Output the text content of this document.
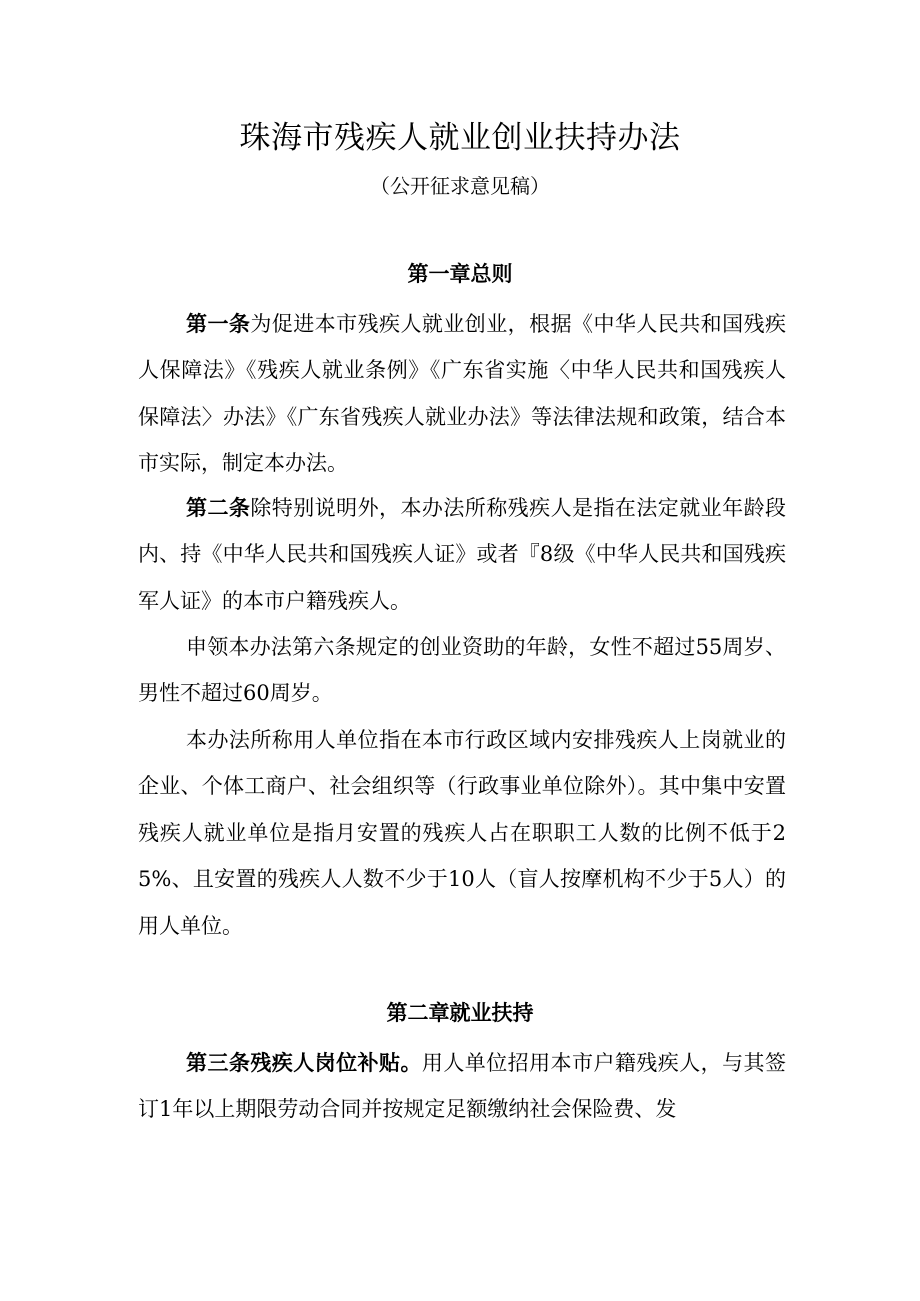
珠海市残疾人就业创业扶持办法
（公开征求意见稿）
第一章总则

第一条为促进本市残疾人就业创业，根据《中华人民共和国残疾人保障法》《残疾人就业条例》《广东省实施〈中华人民共和国残疾人保障法〉办法》《广东省残疾人就业办法》等法律法规和政策，结合本市实际，制定本办法。

第二条除特别说明外，本办法所称残疾人是指在法定就业年龄段内、持《中华人民共和国残疾人证》或者『8级《中华人民共和国残疾军人证》的本市户籍残疾人。

申领本办法第六条规定的创业资助的年龄，女性不超过55周岁、男性不超过60周岁。

本办法所称用人单位指在本市行政区域内安排残疾人上岗就业的企业、个体工商户、社会组织等（行政事业单位除外）。其中集中安置残疾人就业单位是指月安置的残疾人占在职职工人数的比例不低于25%、且安置的残疾人人数不少于10人（盲人按摩机构不少于5人）的用人单位。

第二章就业扶持

第三条残疾人岗位补贴。用人单位招用本市户籍残疾人，与其签订1年以上期限劳动合同并按规定足额缴纳社会保险费、发
